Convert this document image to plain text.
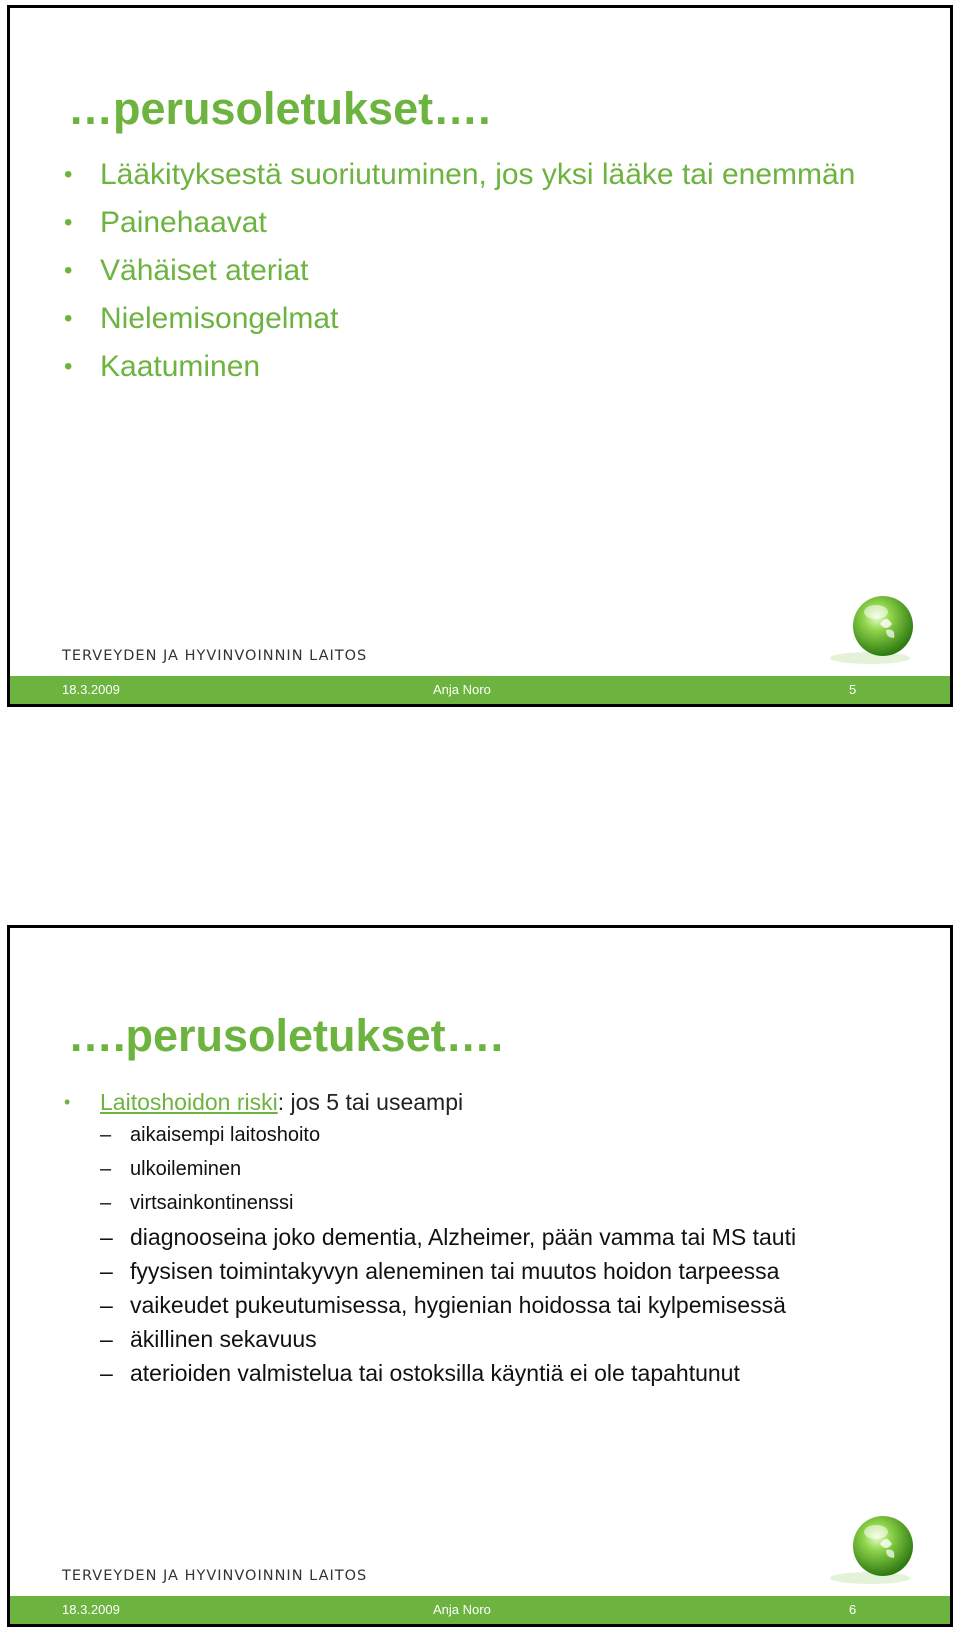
…perusoletukset….
• Lääkityksestä suoriutuminen, jos yksi lääke tai enemmän
• Painehaavat
• Vähäiset ateriat
• Nielemisongelmat
• Kaatuminen
TERVEYDEN JA HYVINVOINNIN LAITOS
18.3.2009	Anja Noro	5
….perusoletukset….
• Laitoshoidon riski: jos 5 tai useampi
– aikaisempi laitoshoito
– ulkoileminen
– virtsainkontinenssi
– diagnooseina joko dementia, Alzheimer, pään vamma tai MS tauti
– fyysisen toimintakyvyn aleneminen tai muutos hoidon tarpeessa
– vaikeudet pukeutumisessa, hygienian hoidossa tai kylpemisessä
– äkillinen sekavuus
– aterioiden valmistelua tai ostoksilla käyntiä ei ole tapahtunut
TERVEYDEN JA HYVINVOINNIN LAITOS
18.3.2009	Anja Noro	6
